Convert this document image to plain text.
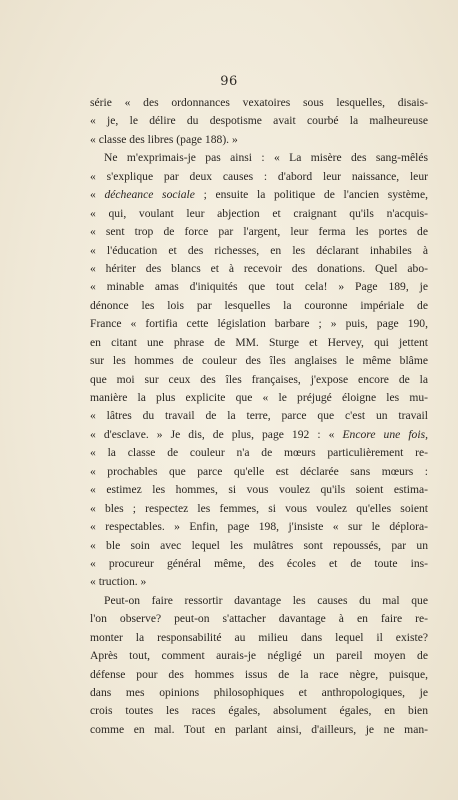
96
série « des ordonnances vexatoires sous lesquelles, disais-
« je, le délire du despotisme avait courbé la malheureuse
« classe des libres (page 188). »
Ne m'exprimais-je pas ainsi : « La misère des sang-mêlés
« s'explique par deux causes : d'abord leur naissance, leur
« décheance sociale ; ensuite la politique de l'ancien système,
« qui, voulant leur abjection et craignant qu'ils n'acquis-
« sent trop de force par l'argent, leur ferma les portes de
« l'éducation et des richesses, en les déclarant inhabiles à
« hériter des blancs et à recevoir des donations. Quel abo-
« minable amas d'iniquités que tout cela! » Page 189, je
dénonce les lois par lesquelles la couronne impériale de
France « fortifia cette législation barbare ; » puis, page 190,
en citant une phrase de MM. Sturge et Hervey, qui jettent
sur les hommes de couleur des îles anglaises le même blâme
que moi sur ceux des îles françaises, j'expose encore de la
manière la plus explicite que « le préjugé éloigne les mu-
« lâtres du travail de la terre, parce que c'est un travail
« d'esclave. » Je dis, de plus, page 192 : « Encore une fois,
« la classe de couleur n'a de mœurs particulièrement re-
« prochables que parce qu'elle est déclarée sans mœurs :
« estimez les hommes, si vous voulez qu'ils soient estima-
« bles ; respectez les femmes, si vous voulez qu'elles soient
« respectables. » Enfin, page 198, j'insiste « sur le déplora-
« ble soin avec lequel les mulâtres sont repoussés, par un
« procureur général même, des écoles et de toute ins-
« truction. »
Peut-on faire ressortir davantage les causes du mal que
l'on observe? peut-on s'attacher davantage à en faire re-
monter la responsabilité au milieu dans lequel il existe?
Après tout, comment aurais-je négligé un pareil moyen de
défense pour des hommes issus de la race nègre, puisque,
dans mes opinions philosophiques et anthropologiques, je
crois toutes les races égales, absolument égales, en bien
comme en mal. Tout en parlant ainsi, d'ailleurs, je ne man-
